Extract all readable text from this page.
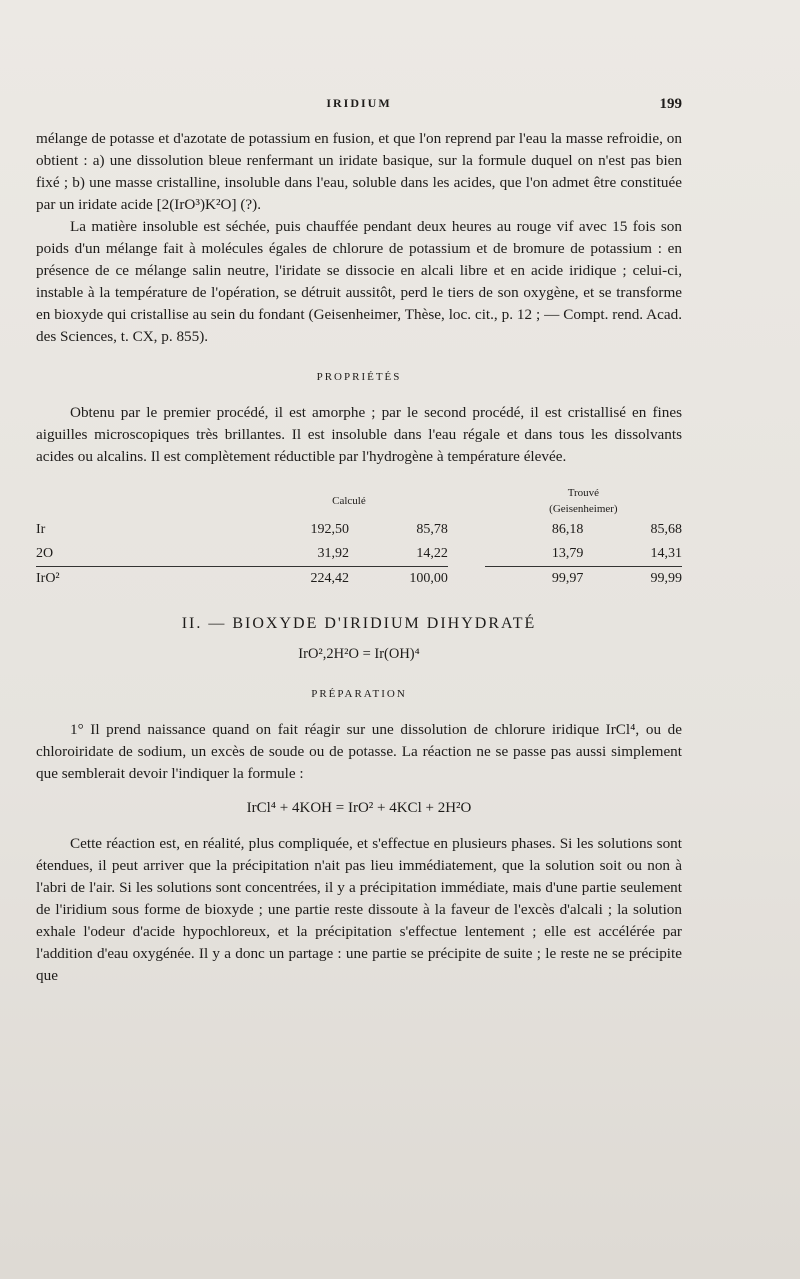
IRIDIUM	199

mélange de potasse et d'azotate de potassium en fusion, et que l'on reprend par l'eau la masse refroidie, on obtient : a) une dissolution bleue renfermant un iridate basique, sur la formule duquel on n'est pas bien fixé ; b) une masse cristalline, insoluble dans l'eau, soluble dans les acides, que l'on admet être constituée par un iridate acide [2(IrO³)K²O] (?).

La matière insoluble est séchée, puis chauffée pendant deux heures au rouge vif avec 15 fois son poids d'un mélange fait à molécules égales de chlorure de potassium et de bromure de potassium : en présence de ce mélange salin neutre, l'iridate se dissocie en alcali libre et en acide iridique ; celui-ci, instable à la température de l'opération, se détruit aussitôt, perd le tiers de son oxygène, et se transforme en bioxyde qui cristallise au sein du fondant (Geisenheimer, Thèse, loc. cit., p. 12 ; — Compt. rend. Acad. des Sciences, t. CX, p. 855).

PROPRIÉTÉS

Obtenu par le premier procédé, il est amorphe ; par le second procédé, il est cristallisé en fines aiguilles microscopiques très brillantes. Il est insoluble dans l'eau régale et dans tous les dissolvants acides ou alcalins. Il est complètement réductible par l'hydrogène à température élevée.

	Calculé			Trouvé
(Geisenheimer)	

Ir	192,50	85,78		86,18	85,68
2O	31,92	14,22		13,79	14,31
IrO²	224,42	100,00		99,97	99,99
II. — BIOXYDE D'IRIDIUM DIHYDRATÉ
IrO²,2H²O = Ir(OH)⁴
PRÉPARATION

1° Il prend naissance quand on fait réagir sur une dissolution de chlorure iridique IrCl⁴, ou de chloroiridate de sodium, un excès de soude ou de potasse. La réaction ne se passe pas aussi simplement que semblerait devoir l'indiquer la formule :

IrCl⁴ + 4KOH = IrO² + 4KCl + 2H²O

Cette réaction est, en réalité, plus compliquée, et s'effectue en plusieurs phases. Si les solutions sont étendues, il peut arriver que la précipitation n'ait pas lieu immédiatement, que la solution soit ou non à l'abri de l'air. Si les solutions sont concentrées, il y a précipitation immédiate, mais d'une partie seulement de l'iridium sous forme de bioxyde ; une partie reste dissoute à la faveur de l'excès d'alcali ; la solution exhale l'odeur d'acide hypochloreux, et la précipitation s'effectue lentement ; elle est accélérée par l'addition d'eau oxygénée. Il y a donc un partage : une partie se précipite de suite ; le reste ne se précipite que
